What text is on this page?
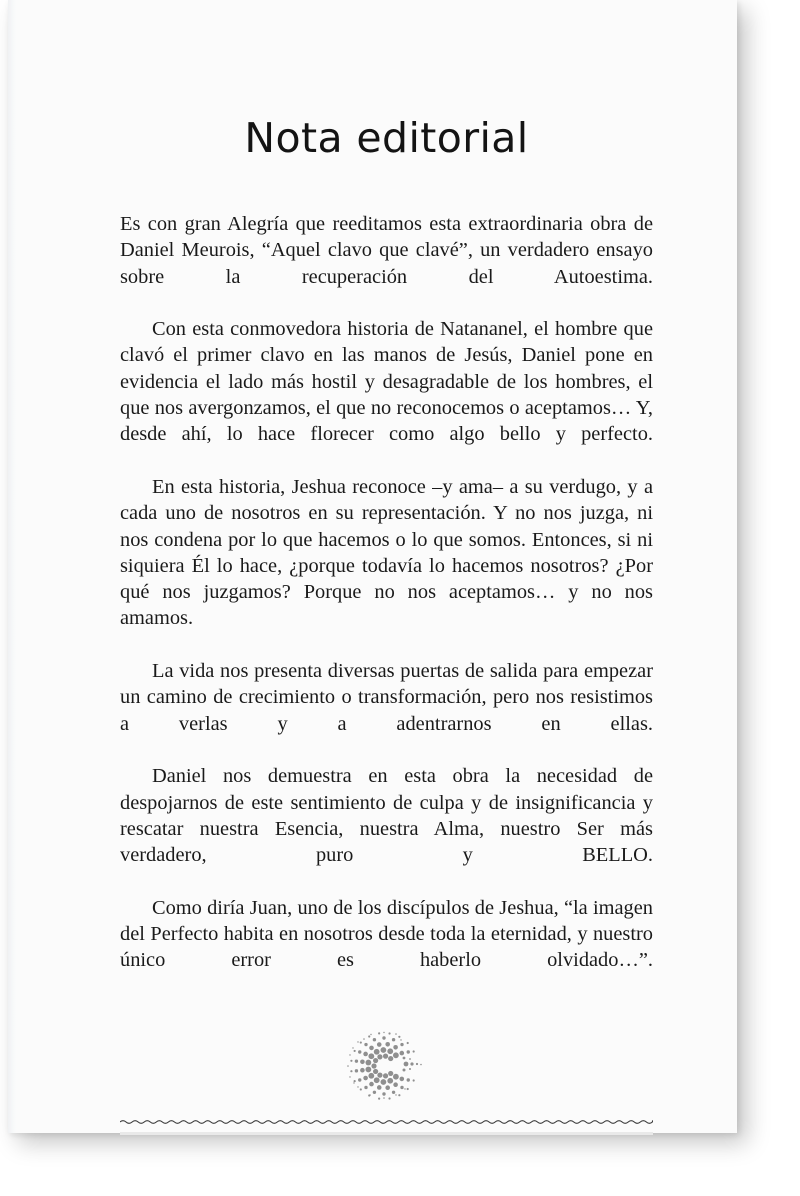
Nota editorial

Es con gran Alegría que reeditamos esta extraordinaria obra de Daniel Meurois, “Aquel clavo que clavé”, un verdadero ensayo sobre la recuperación del Autoestima.

Con esta conmovedora historia de Natananel, el hombre que clavó el primer clavo en las manos de Jesús, Daniel pone en evidencia el lado más hostil y desagradable de los hombres, el que nos avergonzamos, el que no reconocemos o aceptamos… Y, desde ahí, lo hace florecer como algo bello y perfecto.

En esta historia, Jeshua reconoce –y ama– a su verdugo, y a cada uno de nosotros en su representación. Y no nos juzga, ni nos condena por lo que hacemos o lo que somos. Entonces, si ni siquiera Él lo hace, ¿porque todavía lo hacemos nosotros? ¿Por qué nos juzgamos? Porque no nos aceptamos… y no nos amamos.

La vida nos presenta diversas puertas de salida para empezar un camino de crecimiento o transformación, pero nos resistimos a verlas y a adentrarnos en ellas.

Daniel nos demuestra en esta obra la necesidad de despojarnos de este sentimiento de culpa y de insignificancia y rescatar nuestra Esencia, nuestra Alma, nuestro Ser más verdadero, puro y BELLO.

Como diría Juan, uno de los discípulos de Jeshua, “la imagen del Perfecto habita en nosotros desde toda la eternidad, y nuestro único error es haberlo olvidado…”.
